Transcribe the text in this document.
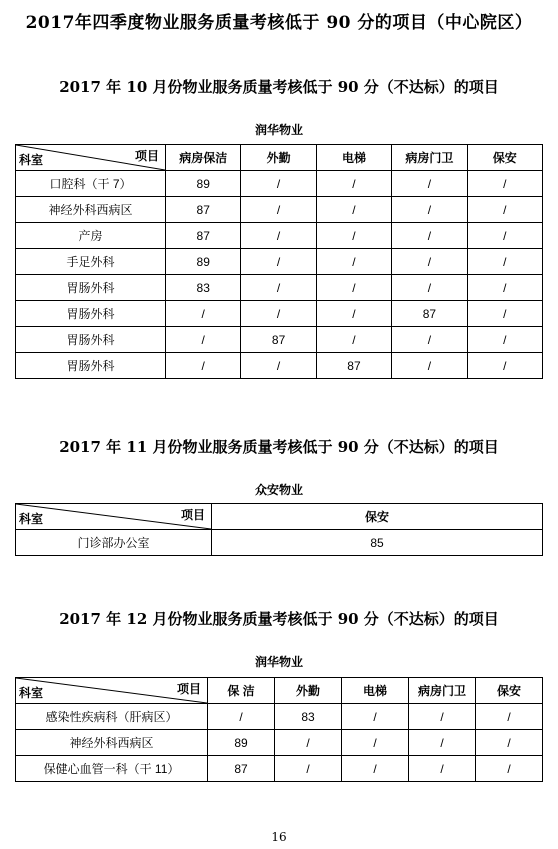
2017年四季度物业服务质量考核低于 90 分的项目（中心院区）
2017 年 10 月份物业服务质量考核低于 90 分（不达标）的项目
润华物业
项目
科室	病房保洁	外勤	电梯	病房门卫	保安
口腔科（干 7）	89	/	/	/	/
神经外科西病区	87	/	/	/	/
产房	87	/	/	/	/
手足外科	89	/	/	/	/
胃肠外科	83	/	/	/	/
胃肠外科	/	/	/	87	/
胃肠外科	/	87	/	/	/
胃肠外科	/	/	87	/	/
2017 年 11 月份物业服务质量考核低于 90 分（不达标）的项目
众安物业
项目
科室	保安
门诊部办公室	85
2017 年 12 月份物业服务质量考核低于 90 分（不达标）的项目
润华物业
项目
科室	保 洁	外勤	电梯	病房门卫	保安
感染性疾病科（肝病区）	/	83	/	/	/
神经外科西病区	89	/	/	/	/
保健心血管一科（干 11）	87	/	/	/	/
16
